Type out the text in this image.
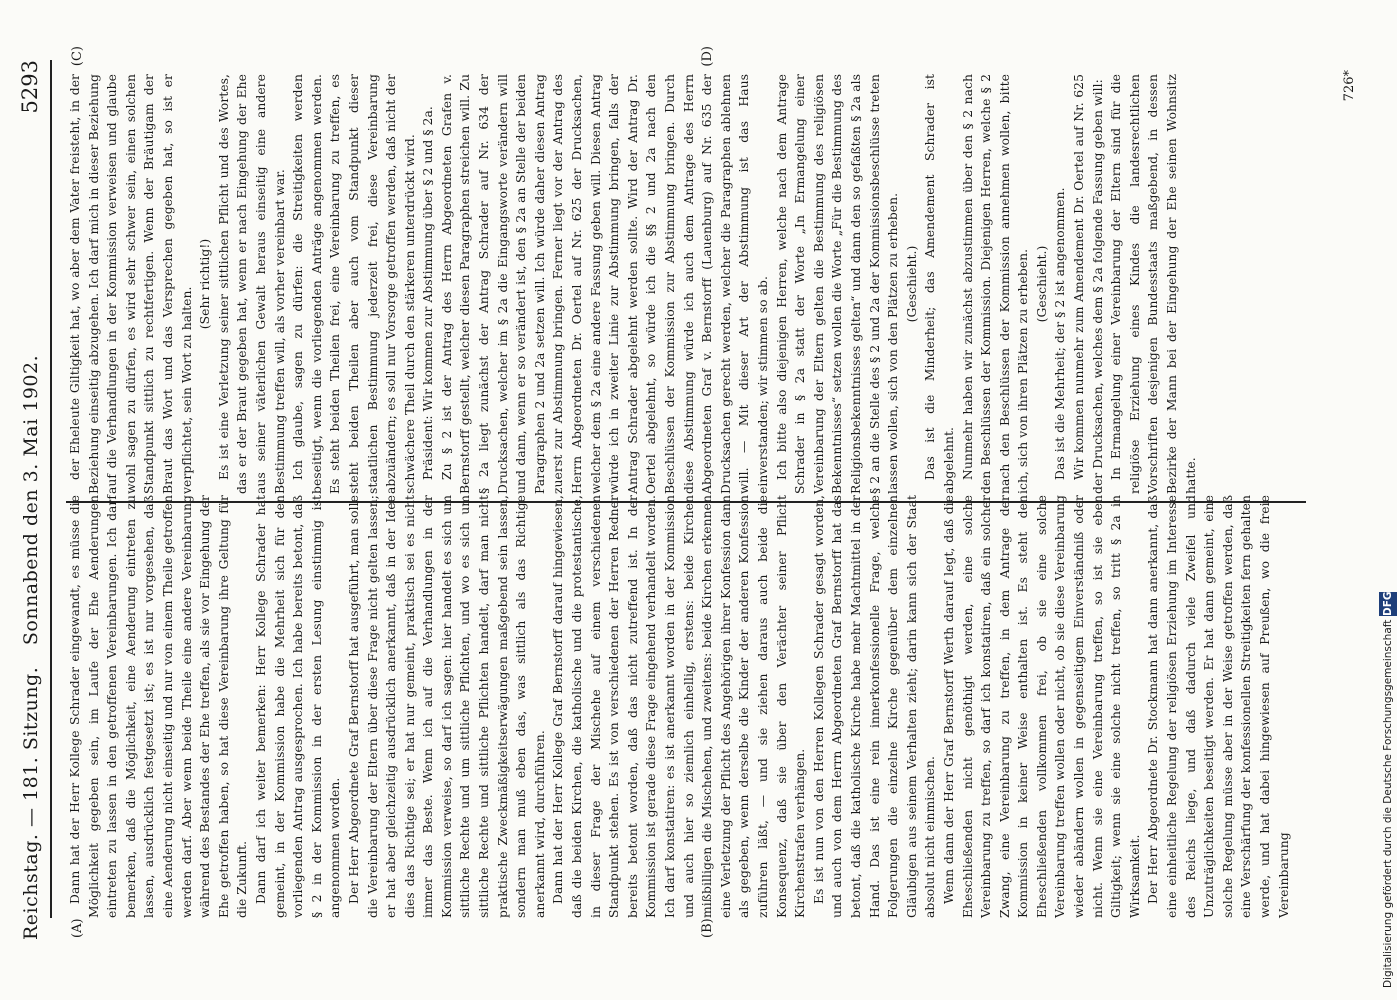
Reichstag. — 181. Sitzung.
Sonnabend den 3. Mai 1902.
5293
(A)	(B)
(C)	(D)

Dann hat der Herr Kollege Schrader eingewandt, es müsse die Möglichkeit gegeben sein, im Laufe der Ehe Aenderungen eintreten zu lassen in den getroffenen Vereinbarungen. Ich darf bemerken, daß die Möglichkeit, eine Aenderung eintreten zu lassen, ausdrücklich festgesetzt ist; es ist nur vorgesehen, daß eine Aenderung nicht einseitig und nur von einem Theile getroffen werden darf. Aber wenn beide Theile eine andere Vereinbarung während des Bestandes der Ehe treffen, als sie vor Eingehung der Ehe getroffen haben, so hat diese Vereinbarung ihre Geltung für die Zukunft. Dann darf ich weiter bemerken: Herr Kollege Schrader hat gemeint, in der Kommission habe die Mehrheit sich für den vorliegenden Antrag ausgesprochen. Ich habe bereits betont, daß § 2 in der Kommission in der ersten Lesung einstimmig ist angenommen worden. Der Herr Abgeordnete Graf Bernstorff hat ausgeführt, man solle die Vereinbarung der Eltern über diese Frage nicht gelten lassen; er hat aber gleichzeitig ausdrücklich anerkannt, daß in der Idee dies das Richtige sei; er hat nur gemeint, praktisch sei es nicht immer das Beste. Wenn ich auf die Verhandlungen in der Kommission verweise, so darf ich sagen: hier handelt es sich um sittliche Rechte und um sittliche Pflichten, und wo es sich um sittliche Rechte und sittliche Pflichten handelt, darf man nicht praktische Zweckmäßigkeitserwägungen maßgebend sein lassen, sondern man muß eben das, was sittlich als das Richtige anerkannt wird, durchführen. Dann hat der Herr Kollege Graf Bernstorff darauf hingewiesen, daß die beiden Kirchen, die katholische und die protestantische, in dieser Frage der Mischehe auf einem verschiedenen Standpunkt stehen. Es ist von verschiedenen der Herren Redner bereits betont worden, daß das nicht zutreffend ist. In der Kommission ist gerade diese Frage eingehend verhandelt worden. Ich darf konstatiren: es ist anerkannt worden in der Kommission und auch hier so ziemlich einhellig, erstens: beide Kirchen mißbilligen die Mischehen, und zweitens: beide Kirchen erkennen eine Verletzung der Pflicht des Angehörigen ihrer Konfession dann als gegeben, wenn derselbe die Kinder der anderen Konfession zuführen läßt, — und sie ziehen daraus auch beide die Konsequenz, daß sie über den Verächter seiner Pflicht Kirchenstrafen verhängen. Es ist nun von den Herren Kollegen Schrader gesagt worden, und auch von dem Herrn Abgeordneten Graf Bernstorff hat das betont, daß die katholische Kirche habe mehr Machtmittel in der Hand. Das ist eine rein innerkonfessionelle Frage, welche Folgerungen die einzelne Kirche gegenüber dem einzelnen Gläubigen aus seinem Verhalten zieht; darin kann sich der Staat absolut nicht einmischen. Wenn dann der Herr Graf Bernstorff Werth darauf legt, daß die Eheschließenden nicht genöthigt werden, eine solche Vereinbarung zu treffen, so darf ich konstatiren, daß ein solcher Zwang, eine Vereinbarung zu treffen, in dem Antrage der Kommission in keiner Weise enthalten ist. Es steht den Eheschließenden vollkommen frei, ob sie eine solche Vereinbarung treffen wollen oder nicht, ob sie diese Vereinbarung wieder abändern wollen in gegenseitigem Einverständniß oder nicht. Wenn sie eine Vereinbarung treffen, so ist sie eben Giltigkeit; wenn sie eine solche nicht treffen, so tritt § 2a in Wirksamkeit. Der Herr Abgeordnete Dr. Stockmann hat dann anerkannt, daß eine einheitliche Regelung der religiösen Erziehung im Interesse des Reichs liege, und daß dadurch viele Zweifel und Unzuträglichkeiten beseitigt werden. Er hat dann gemeint, eine solche Regelung müsse aber in der Weise getroffen werden, daß eine Verschärfung der konfessionellen Streitigkeiten fern gehalten werde, und hat dabei hingewiesen auf Preußen, wo die freie Vereinbarung

der Eheleute Giltigkeit hat, wo aber dem Vater freisteht, in der Beziehung einseitig abzugehen. Ich darf mich in dieser Beziehung auf die Verhandlungen in der Kommission verweisen und glaube wohl sagen zu dürfen, es wird sehr schwer sein, einen solchen Standpunkt sittlich zu rechtfertigen. Wenn der Bräutigam der Braut das Wort und das Versprechen gegeben hat, so ist er verpflichtet, sein Wort zu halten.

(Sehr richtig!) Es ist eine Verletzung seiner sittlichen Pflicht und des Wortes, das er der Braut gegeben hat, wenn er nach Eingehung der Ehe aus seiner väterlichen Gewalt heraus einseitig eine andere Bestimmung treffen will, als vorher vereinbart war. Ich glaube, sagen zu dürfen: die Streitigkeiten werden beseitigt, wenn die vorliegenden Anträge angenommen werden. Es steht beiden Theilen frei, eine Vereinbarung zu treffen, es steht beiden Theilen aber auch vom Standpunkt dieser staatlichen Bestimmung jederzeit frei, diese Vereinbarung abzuändern; es soll nur Vorsorge getroffen werden, daß nicht der schwächere Theil durch den stärkeren unterdrückt wird. Präsident: Wir kommen zur Abstimmung über § 2 und § 2a. Zu § 2 ist der Antrag des Herrn Abgeordneten Grafen v. Bernstorff gestellt, welcher diesen Paragraphen streichen will. Zu § 2a liegt zunächst der Antrag Schrader auf Nr. 634 der Drucksachen, welcher im § 2a die Eingangsworte verändern will und dann, wenn er so verändert ist, den § 2a an Stelle der beiden Paragraphen 2 und 2a setzen will. Ich würde daher diesen Antrag zuerst zur Abstimmung bringen. Ferner liegt vor der Antrag des Herrn Abgeordneten Dr. Oertel auf Nr. 625 der Drucksachen, welcher dem § 2a eine andere Fassung geben will. Diesen Antrag würde ich in zweiter Linie zur Abstimmung bringen, falls der Antrag Schrader abgelehnt werden sollte. Wird der Antrag Dr. Oertel abgelehnt, so würde ich die §§ 2 und 2a nach den Beschlüssen der Kommission zur Abstimmung bringen. Durch diese Abstimmung würde ich auch dem Antrage des Herrn Abgeordneten Graf v. Bernstorff (Lauenburg) auf Nr. 635 der Drucksachen gerecht werden, welcher die Paragraphen ablehnen will. — Mit dieser Art der Abstimmung ist das Haus einverstanden; wir stimmen so ab. Ich bitte also diejenigen Herren, welche nach dem Antrage Schrader in § 2a statt der Worte „In Ermangelung einer Vereinbarung der Eltern gelten die Bestimmung des religiösen Bekenntnisses“ setzen wollen die Worte „Für die Bestimmung des Religionsbekenntnisses gelten“ und dann den so gefaßten § 2a als § 2 an die Stelle des § 2 und 2a der Kommissionsbeschlüsse treten lassen wollen, sich von den Plätzen zu erheben. (Geschieht.) Das ist die Minderheit; das Amendement Schrader ist abgelehnt. Nunmehr haben wir zunächst abzustimmen über den § 2 nach den Beschlüssen der Kommission. Diejenigen Herren, welche § 2 nach den Beschlüssen der Kommission annehmen wollen, bitte ich, sich von ihren Plätzen zu erheben. (Geschieht.) Das ist die Mehrheit; der § 2 ist angenommen. Wir kommen nunmehr zum Amendement Dr. Oertel auf Nr. 625 der Drucksachen, welches dem § 2a folgende Fassung geben will: In Ermangelung einer Vereinbarung der Eltern sind für die religiöse Erziehung eines Kindes die landesrechtlichen Vorschriften desjenigen Bundesstaats maßgebend, in dessen Bezirke der Mann bei der Eingehung der Ehe seinen Wohnsitz hatte.

726*
Digitalisierung gefördert durch die Deutsche Forschungsgemeinschaft DFG
